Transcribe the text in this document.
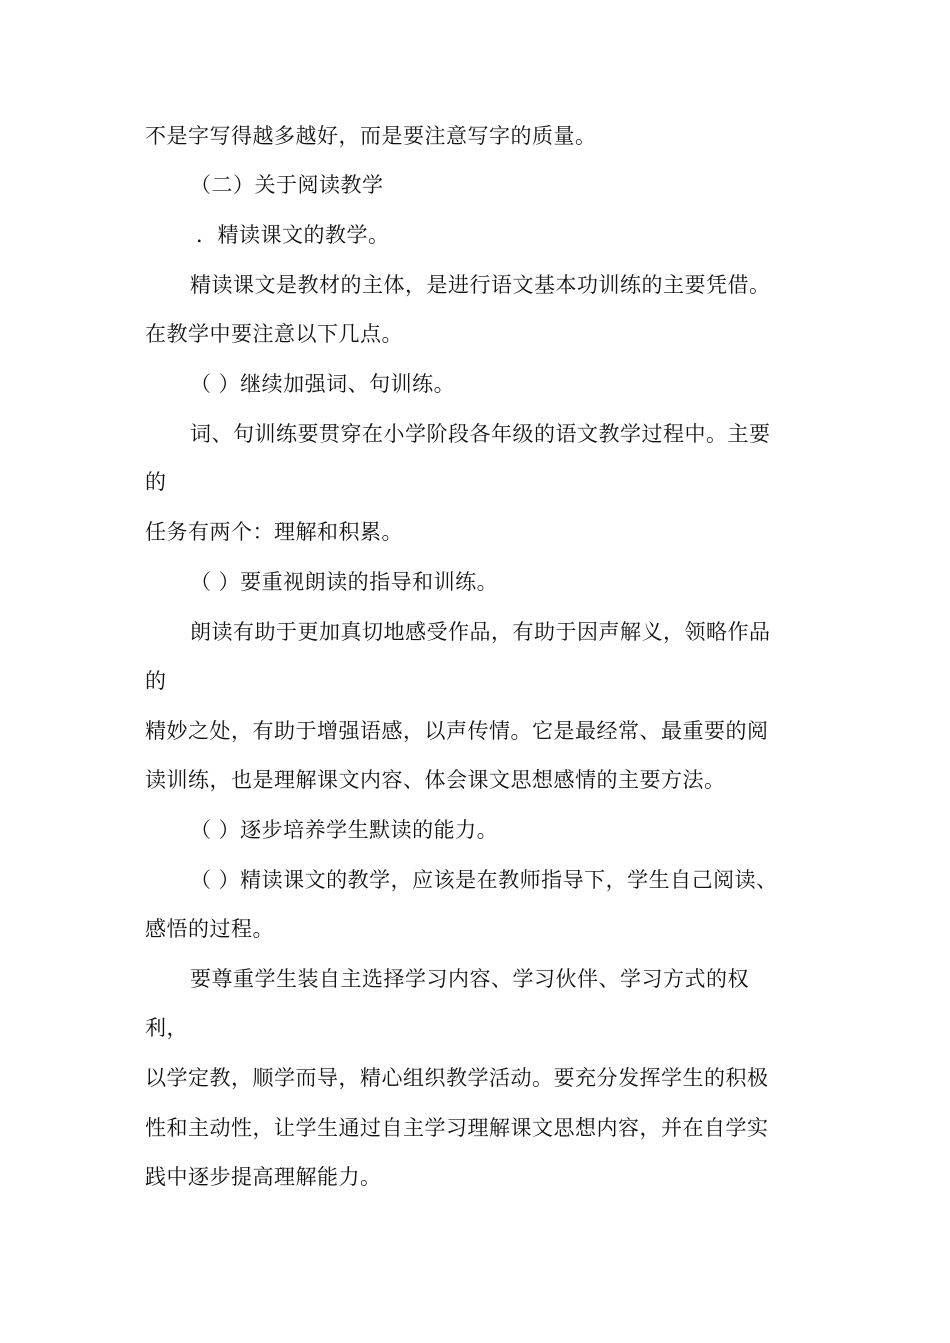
不是字写得越多越好，而是要注意写字的质量。
（二）关于阅读教学
．精读课文的教学。
精读课文是教材的主体，是进行语文基本功训练的主要凭借。
在教学中要注意以下几点。
（ ）继续加强词、句训练。
词、句训练要贯穿在小学阶段各年级的语文教学过程中。主要
的
任务有两个：理解和积累。
（ ）要重视朗读的指导和训练。
朗读有助于更加真切地感受作品，有助于因声解义，领略作品
的
精妙之处，有助于增强语感，以声传情。它是最经常、最重要的阅
读训练，也是理解课文内容、体会课文思想感情的主要方法。
（ ）逐步培养学生默读的能力。
（ ）精读课文的教学，应该是在教师指导下，学生自己阅读、
感悟的过程。
要尊重学生装自主选择学习内容、学习伙伴、学习方式的权
利，
以学定教，顺学而导，精心组织教学活动。要充分发挥学生的积极
性和主动性，让学生通过自主学习理解课文思想内容，并在自学实
践中逐步提高理解能力。
